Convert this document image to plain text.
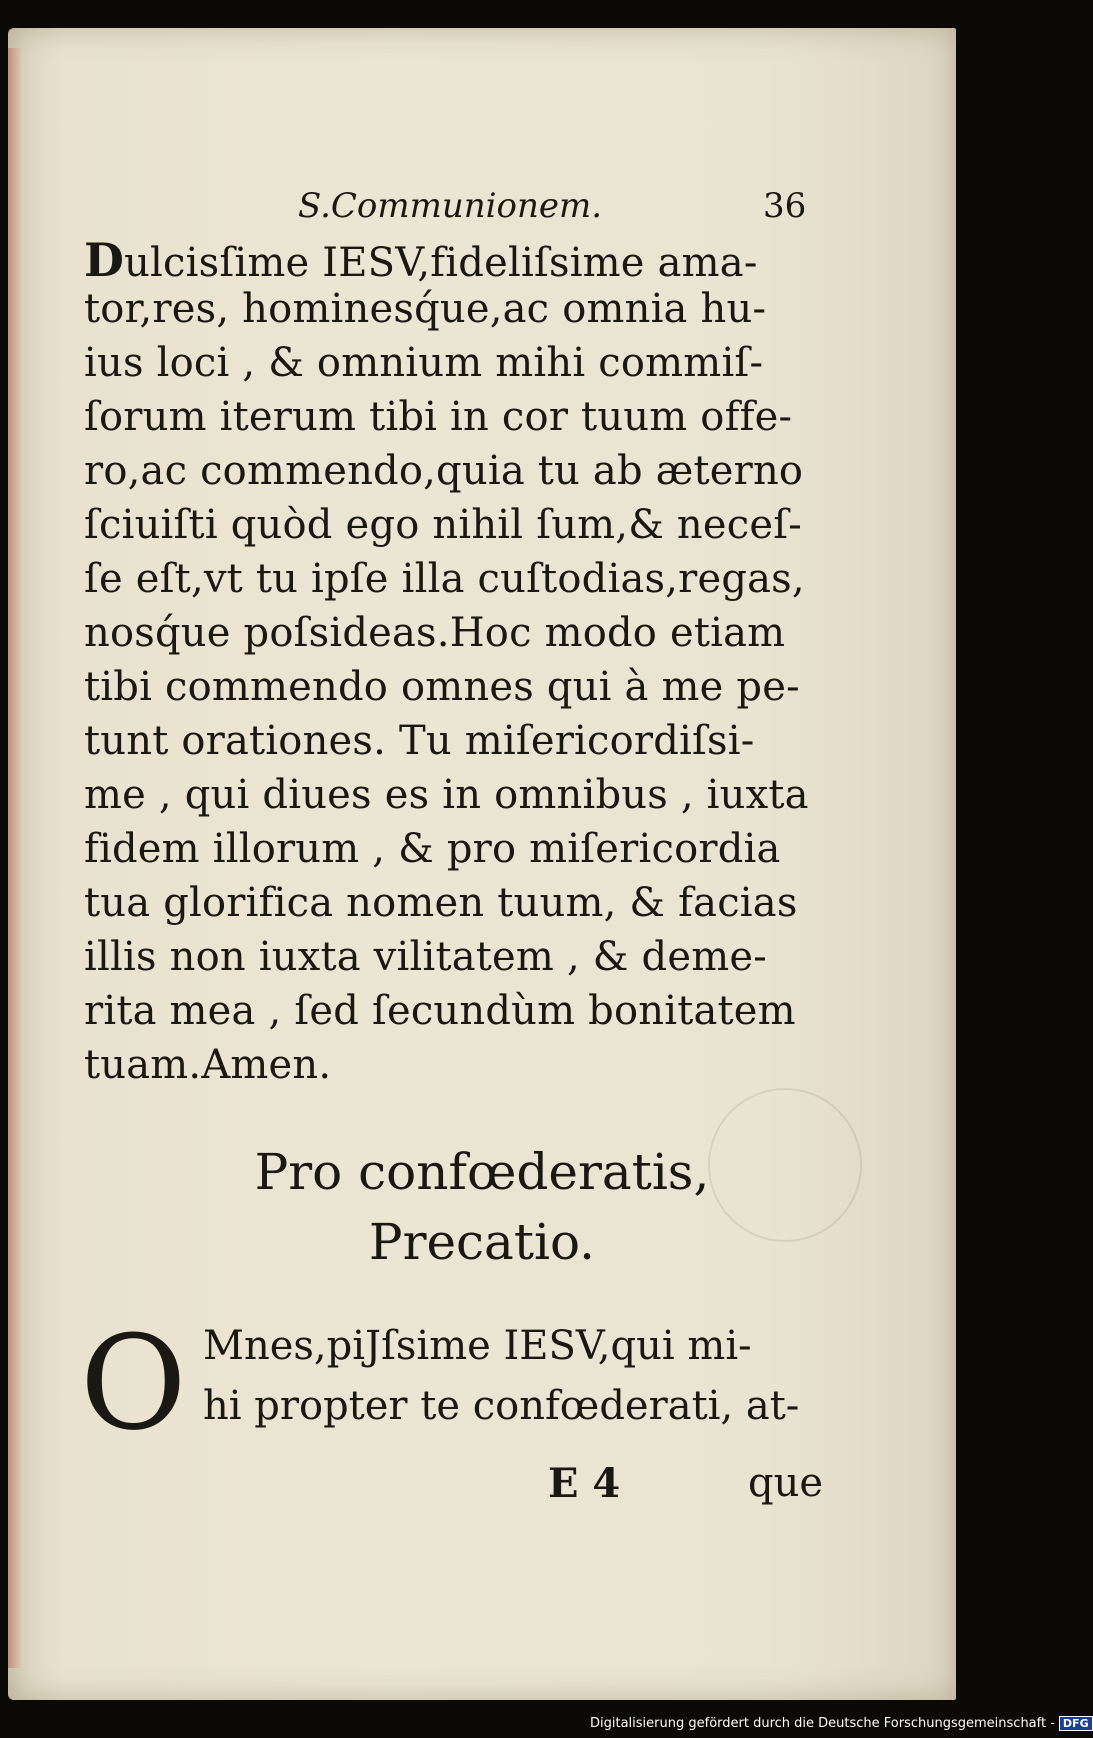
S.Communionem.	36
Dulcisſime IESV,fideliſsime ama-
tor,res, hominesq́ue,ac omnia hu-
ius loci , & omnium mihi commiſ-
ſorum iterum tibi in cor tuum offe-
ro,ac commendo,quia tu ab æterno
ſciuiſti quòd ego nihil ſum,& neceſ-
ſe eſt,vt tu ipſe illa cuſtodias,regas,
nosq́ue poſsideas.Hoc modo etiam
tibi commendo omnes qui à me pe-
tunt orationes. Tu miſericordiſsi-
me , qui diues es in omnibus , iuxta
fidem illorum , & pro miſericordia
tua glorifica nomen tuum, & facias
illis non iuxta vilitatem , & deme-
rita mea , ſed ſecundùm bonitatem
tuam.Amen.
Pro confœderatis,
Precatio.
O Mnes,piJſsime IESV,qui mi-
hi propter te confœderati, at-
E 4	que
Digitalisierung gefördert durch die Deutsche Forschungsgemeinschaft - DFG
